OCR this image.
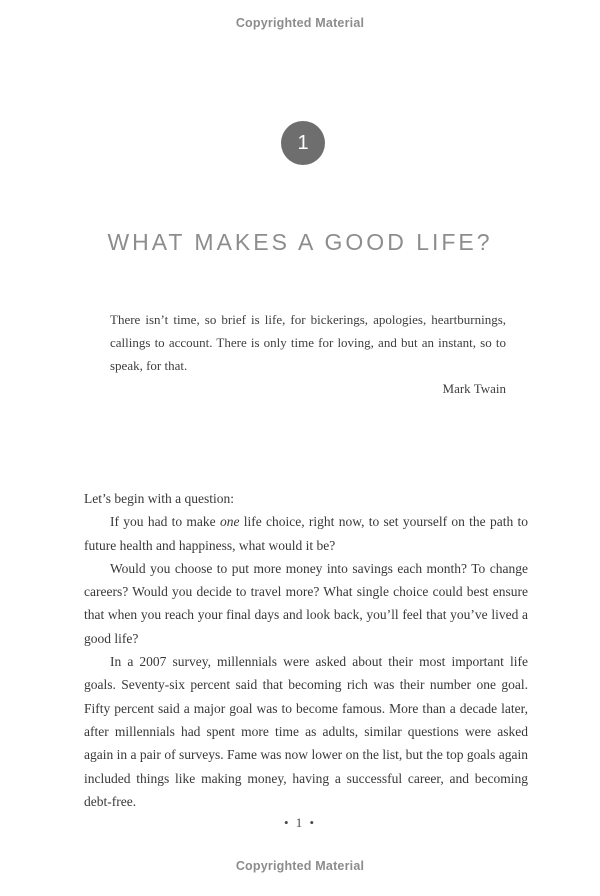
Copyrighted Material
1
WHAT MAKES A GOOD LIFE?
There isn’t time, so brief is life, for bickerings, apologies, heartburnings, callings to account. There is only time for loving, and but an instant, so to speak, for that.
Mark Twain

Let’s begin with a question:

If you had to make one life choice, right now, to set yourself on the path to future health and happiness, what would it be?

Would you choose to put more money into savings each month? To change careers? Would you decide to travel more? What single choice could best ensure that when you reach your final days and look back, you’ll feel that you’ve lived a good life?

In a 2007 survey, millennials were asked about their most important life goals. Seventy-six percent said that becoming rich was their number one goal. Fifty percent said a major goal was to become famous. More than a decade later, after millennials had spent more time as adults, similar questions were asked again in a pair of surveys. Fame was now lower on the list, but the top goals again included things like making money, having a successful career, and becoming debt-free.

• 1 •
Copyrighted Material
